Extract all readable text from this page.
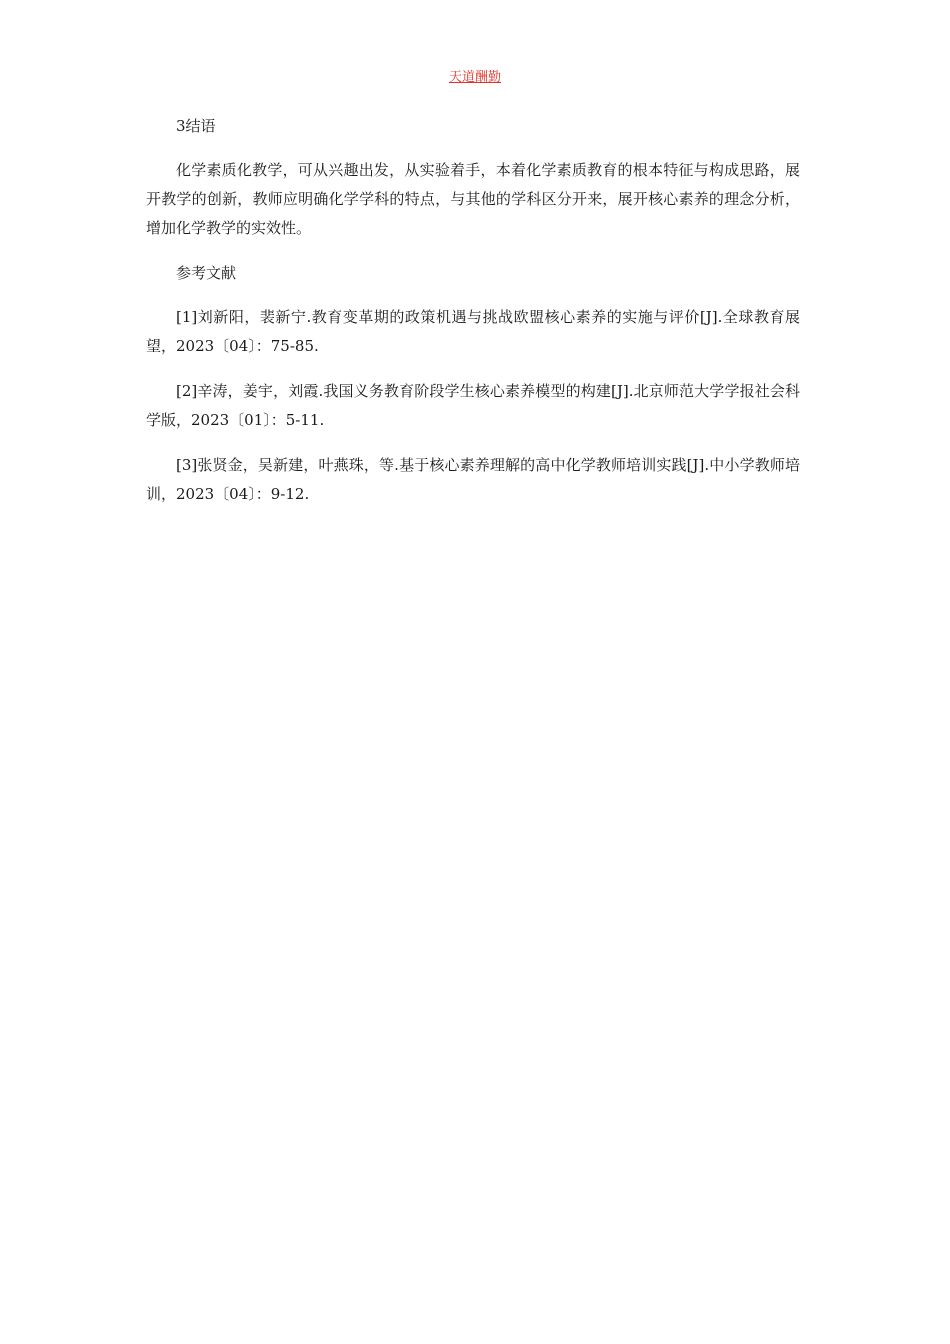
天道酬勤

3结语

化学素质化教学，可从兴趣出发，从实验着手，本着化学素质教育的根本特征与构成思路，展开教学的创新，教师应明确化学学科的特点，与其他的学科区分开来，展开核心素养的理念分析，增加化学教学的实效性。

参考文献

[1]刘新阳，裴新宁.教育变革期的政策机遇与挑战欧盟核心素养的实施与评价[J].全球教育展望，2023〔04〕：75-85.

[2]辛涛，姜宇，刘霞.我国义务教育阶段学生核心素养模型的构建[J].北京师范大学学报社会科学版，2023〔01〕：5-11.

[3]张贤金，吴新建，叶燕珠，等.基于核心素养理解的高中化学教师培训实践[J].中小学教师培训，2023〔04〕：9-12.
